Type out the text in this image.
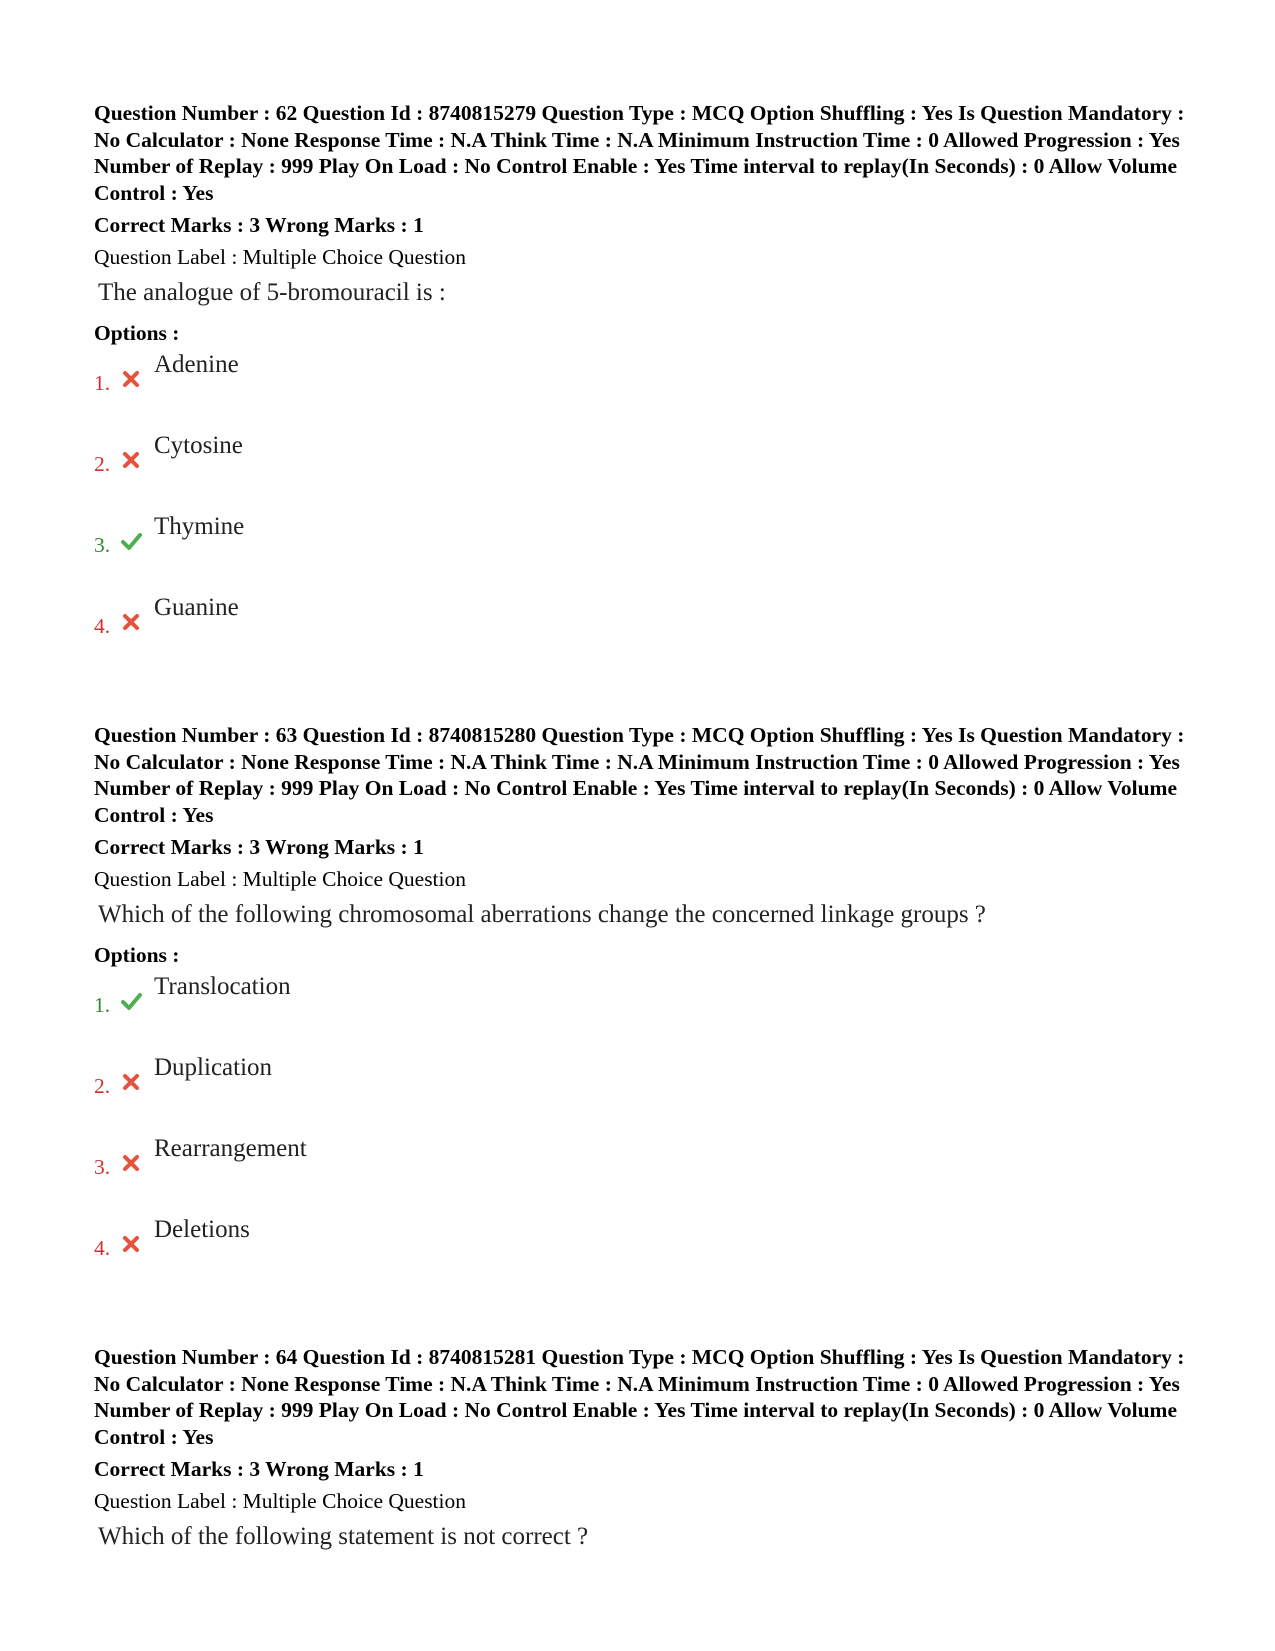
Question Number : 62 Question Id : 8740815279 Question Type : MCQ Option Shuffling : Yes Is Question Mandatory : No Calculator : None Response Time : N.A Think Time : N.A Minimum Instruction Time : 0 Allowed Progression : Yes Number of Replay : 999 Play On Load : No Control Enable : Yes Time interval to replay(In Seconds) : 0 Allow Volume Control : Yes

Correct Marks : 3 Wrong Marks : 1
Question Label : Multiple Choice Question
The analogue of 5-bromouracil is :
Options :
1.
Adenine
2.
Cytosine
3.
Thymine
4.
Guanine

Question Number : 63 Question Id : 8740815280 Question Type : MCQ Option Shuffling : Yes Is Question Mandatory : No Calculator : None Response Time : N.A Think Time : N.A Minimum Instruction Time : 0 Allowed Progression : Yes Number of Replay : 999 Play On Load : No Control Enable : Yes Time interval to replay(In Seconds) : 0 Allow Volume Control : Yes

Correct Marks : 3 Wrong Marks : 1
Question Label : Multiple Choice Question
Which of the following chromosomal aberrations change the concerned linkage groups ?
Options :
1.
Translocation
2.
Duplication
3.
Rearrangement
4.
Deletions

Question Number : 64 Question Id : 8740815281 Question Type : MCQ Option Shuffling : Yes Is Question Mandatory : No Calculator : None Response Time : N.A Think Time : N.A Minimum Instruction Time : 0 Allowed Progression : Yes Number of Replay : 999 Play On Load : No Control Enable : Yes Time interval to replay(In Seconds) : 0 Allow Volume Control : Yes

Correct Marks : 3 Wrong Marks : 1
Question Label : Multiple Choice Question
Which of the following statement is not correct ?
